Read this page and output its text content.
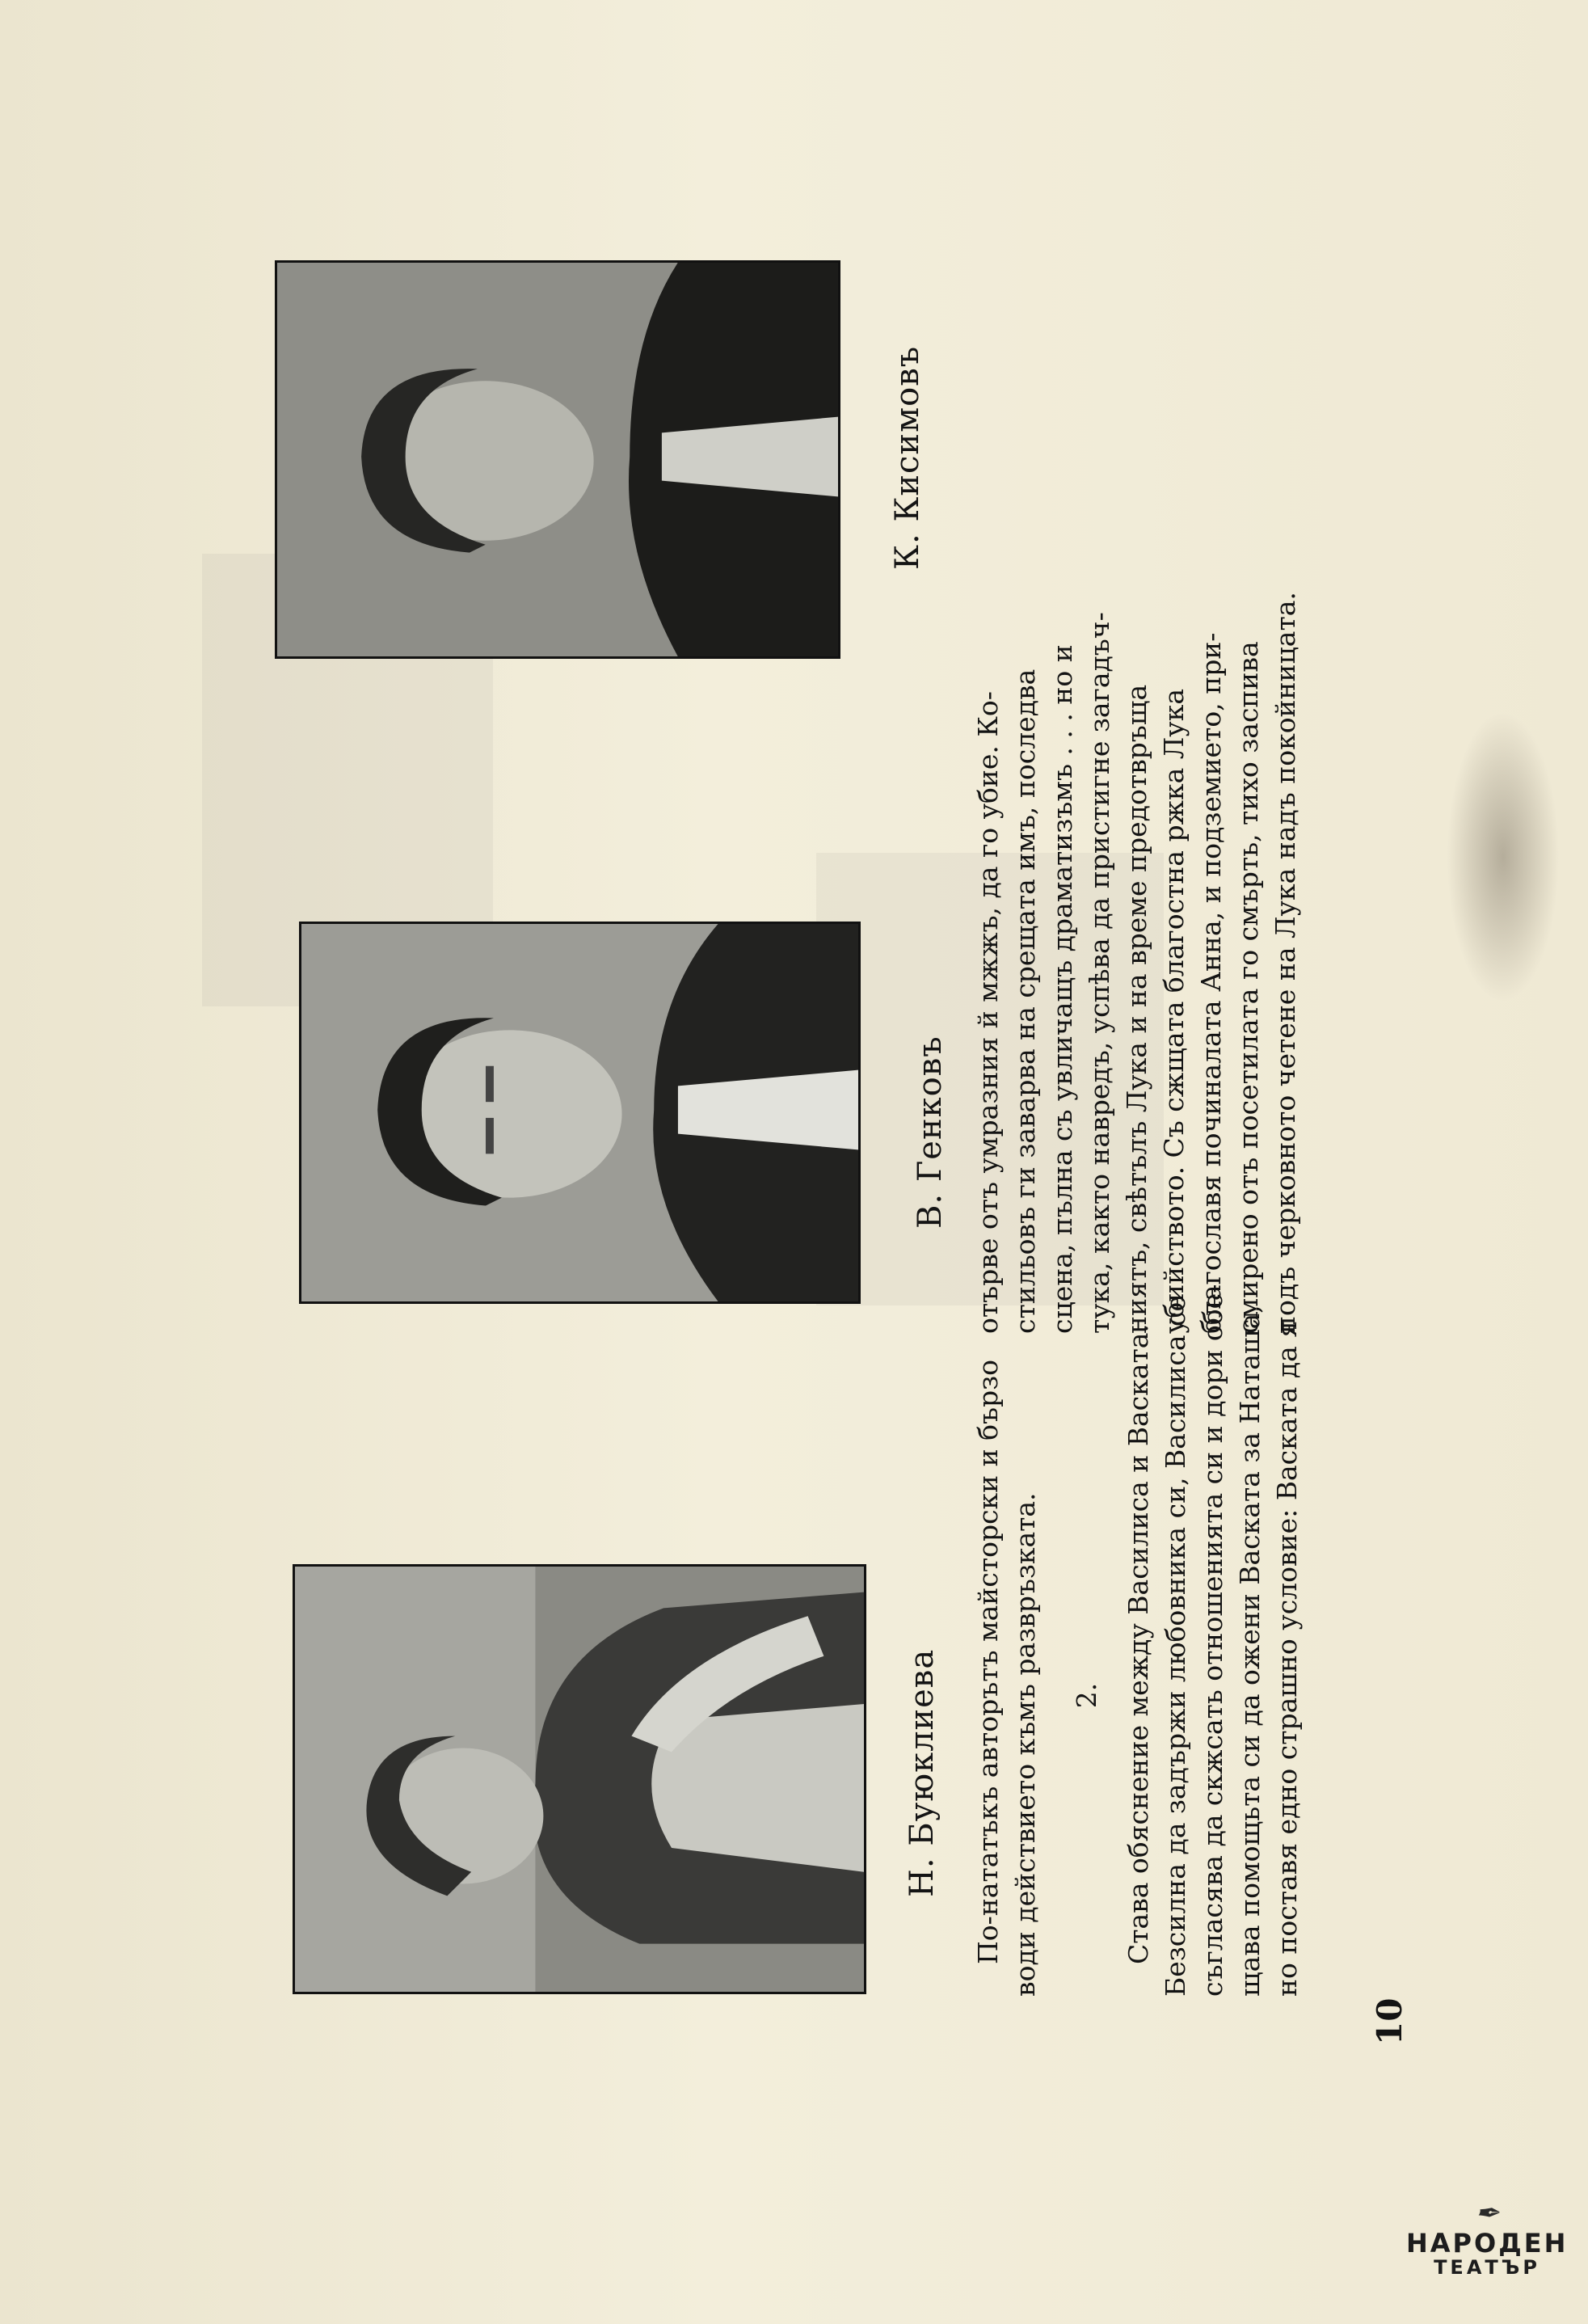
Н. Буюклиева
В. Генковъ
К. Кисимовъ

По-нататъкъ авторътъ майсторски и бързо води действието къмъ развръзката. 2. Става обяснение между Василиса и Васката. Безсилна да задържи любовника си, Василиса се съгласява да скжсать отношенията си и дори обе- щава помощьта си да ожени Васката за Наташа, но поставя едно страшно условие: Васката да я

отърве отъ умразния й мжжъ, да го убие. Ко- стильовъ ги заварва на срещата имъ, последва сцена, пълна съ увличащъ драматизъмъ . . . но и тука, както навредъ, успѣва да пристигне загадъч- ниятъ, свѣтълъ Лука и на време предотвръща убийството. Съ сжщата благостна ржка Лука благославя починалата Анна, и подземието, при- смирено отъ посетилата го смърть, тихо заспива подъ черковното четене на Лука надъ покойницата.

10
✒
НАРОДЕН
ТЕАТЪР
